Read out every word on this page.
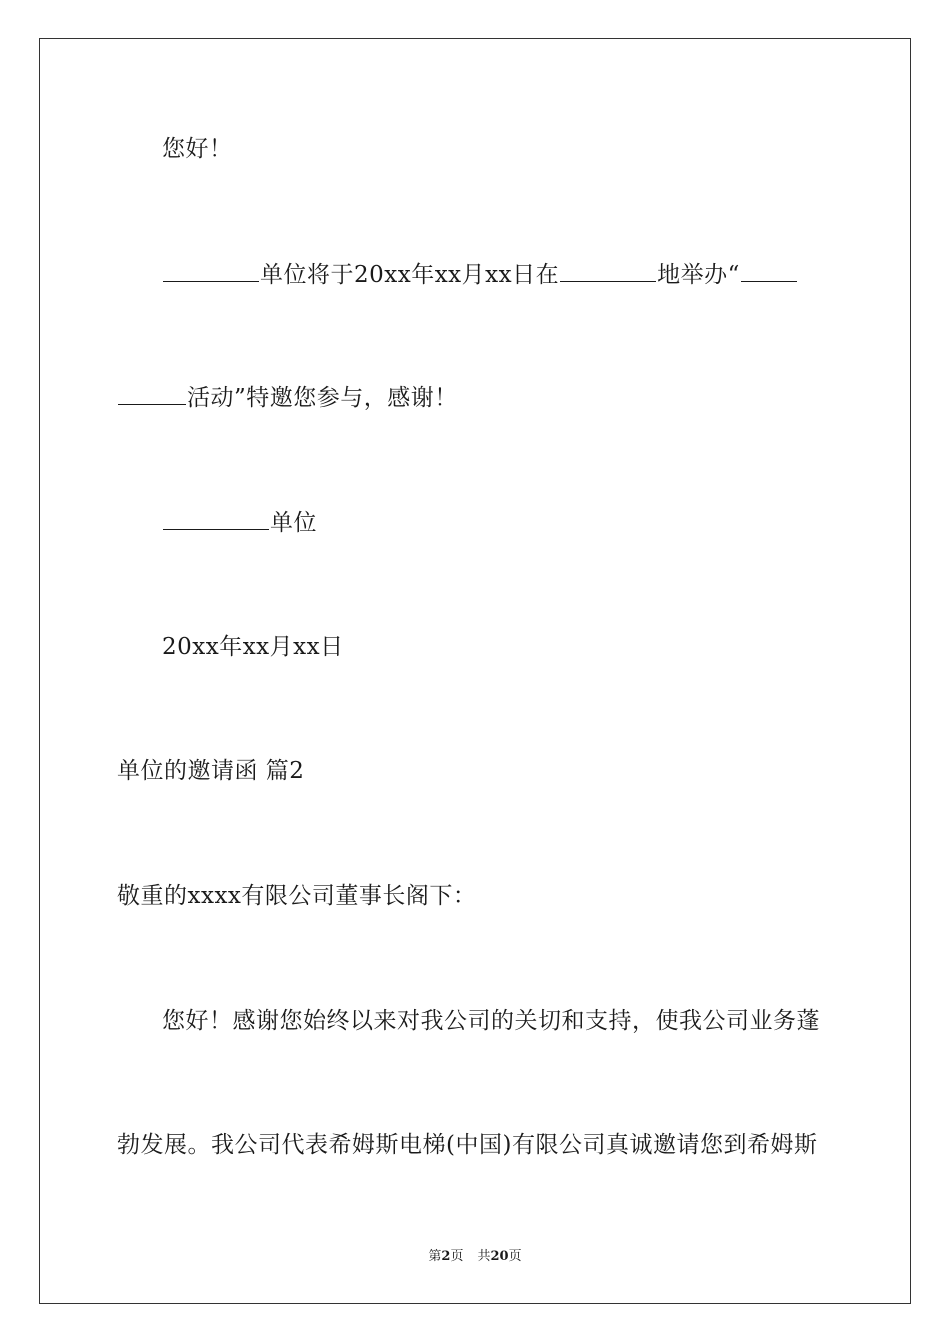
您好！
单位将于20xx年xx月xx日在	地举办“
活动”特邀您参与，感谢！
单位
20xx年xx月xx日
单位的邀请函 篇2
敬重的xxxx有限公司董事长阁下：
您好！感谢您始终以来对我公司的关切和支持，使我公司业务蓬
勃发展。我公司代表希姆斯电梯(中国)有限公司真诚邀请您到希姆斯
第2页 共20页
